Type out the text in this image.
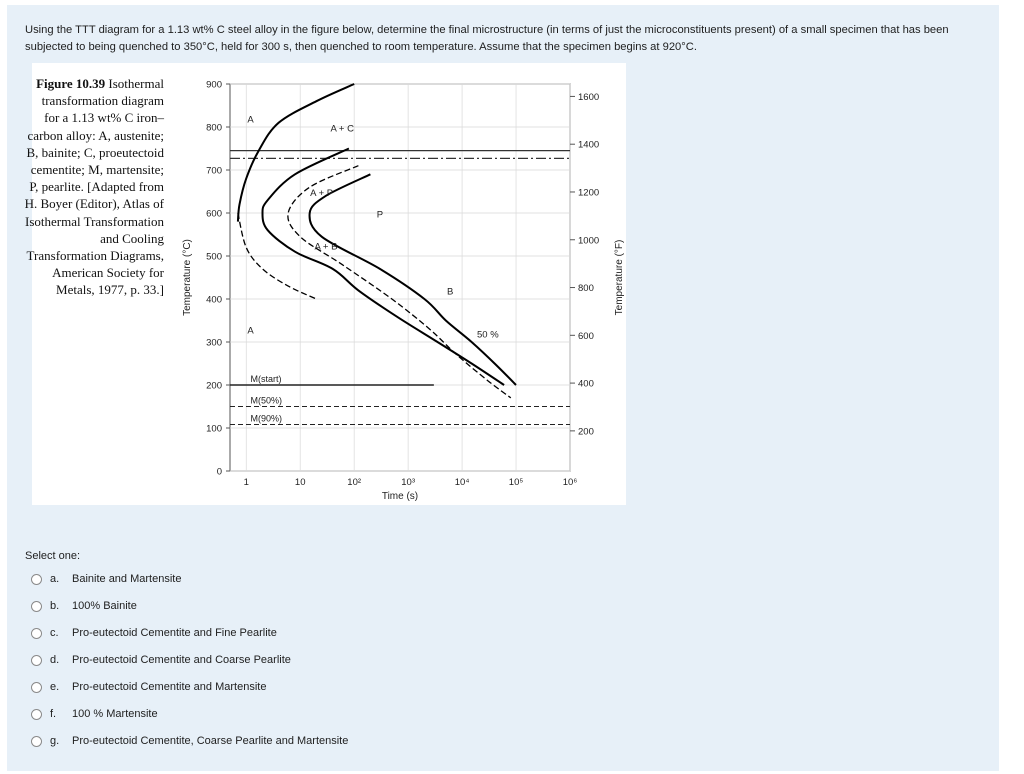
Using the TTT diagram for a 1.13 wt% C steel alloy in the figure below, determine the final microstructure (in terms of just the microconstituents present) of a small specimen that has been subjected to being quenched to 350°C, held for 300 s, then quenched to room temperature. Assume that the specimen begins at 920°C.
Figure 10.39 Isothermal transformation diagram for a 1.13 wt% C iron–carbon alloy: A, austenite; B, bainite; C, proeutectoid cementite; M, martensite; P, pearlite. [Adapted from H. Boyer (Editor), Atlas of Isothermal Transformation and Cooling Transformation Diagrams, American Society for Metals, 1977, p. 33.]
1	10	10²	10³	10⁴	10⁵	10⁶
0
100
200
300
400
500
600
700
800
900
200
400
600
800
1000
1200
1400
1600
Time (s)
Temperature (°C)	Temperature (°F)
M(start)
M(50%)
M(90%)
A
A + C
A + P
P
A + B
B
A	50 %
Select one:
a.	Bainite and Martensite
b.	100% Bainite
c.	Pro-eutectoid Cementite and Fine Pearlite
d.	Pro-eutectoid Cementite and Coarse Pearlite
e.	Pro-eutectoid Cementite and Martensite
f.	100 % Martensite
g.	Pro-eutectoid Cementite, Coarse Pearlite and Martensite
